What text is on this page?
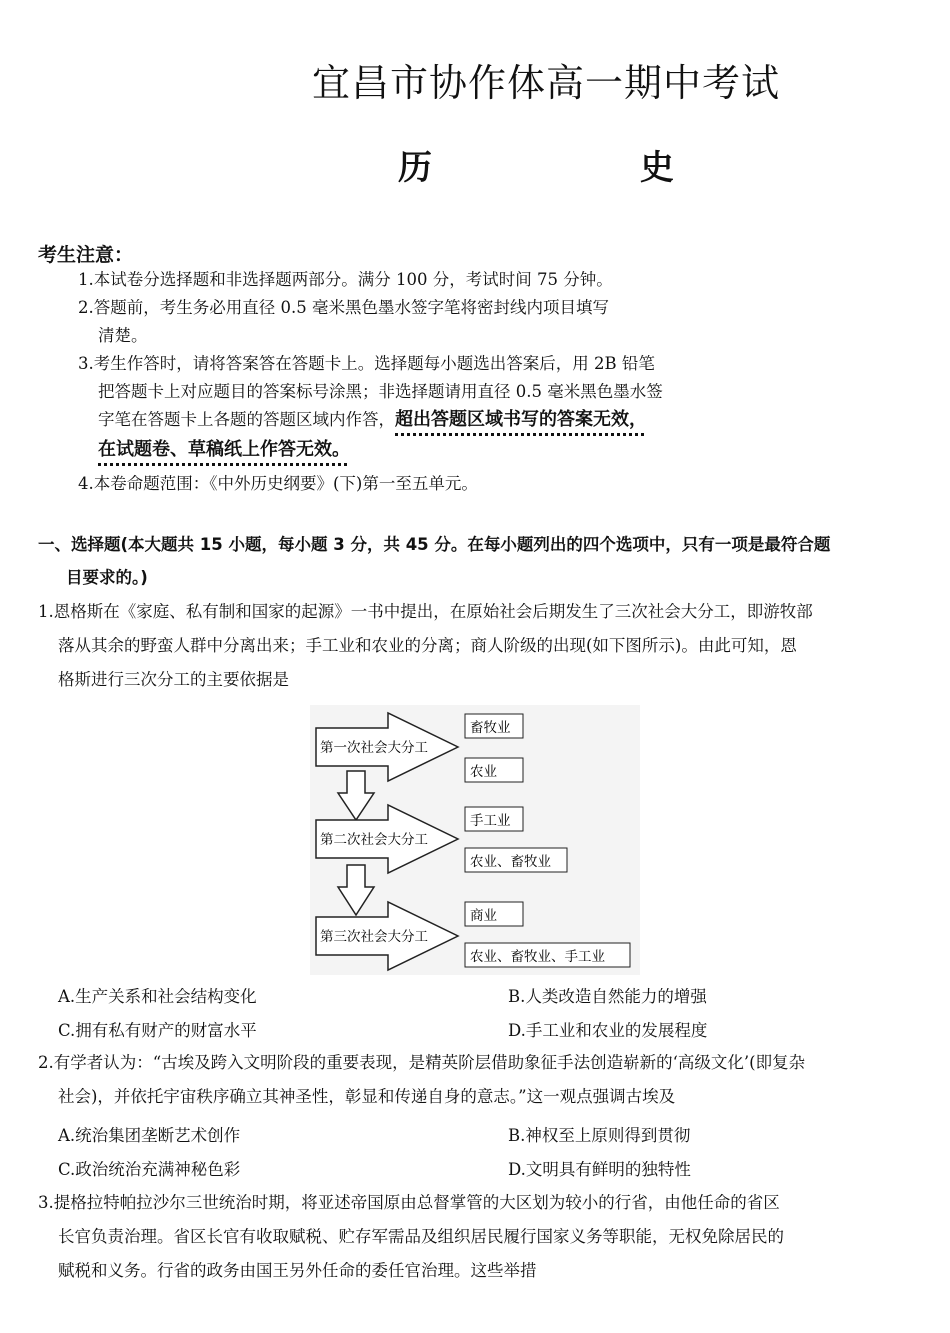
宜昌市协作体高一期中考试
历 史
考生注意：
1.本试卷分选择题和非选择题两部分。满分 100 分，考试时间 75 分钟。
2.答题前，考生务必用直径 0.5 毫米黑色墨水签字笔将密封线内项目填写
清楚。
3.考生作答时，请将答案答在答题卡上。选择题每小题选出答案后，用 2B 铅笔
把答题卡上对应题目的答案标号涂黑；非选择题请用直径 0.5 毫米黑色墨水签
字笔在答题卡上各题的答题区域内作答，超出答题区域书写的答案无效，
在试题卷、草稿纸上作答无效。
4.本卷命题范围：《中外历史纲要》(下)第一至五单元。
一、选择题(本大题共 15 小题，每小题 3 分，共 45 分。在每小题列出的四个选项中，只有一项是最符合题
目要求的。)
1.恩格斯在《家庭、私有制和国家的起源》一书中提出，在原始社会后期发生了三次社会大分工，即游牧部
落从其余的野蛮人群中分离出来；手工业和农业的分离；商人阶级的出现(如下图所示)。由此可知，恩
格斯进行三次分工的主要依据是
第一次社会大分工
畜牧业
农业
第二次社会大分工
手工业
农业、畜牧业
第三次社会大分工
商业
农业、畜牧业、手工业
A.生产关系和社会结构变化	B.人类改造自然能力的增强
C.拥有私有财产的财富水平	D.手工业和农业的发展程度
2.有学者认为：“古埃及跨入文明阶段的重要表现，是精英阶层借助象征手法创造崭新的‘高级文化’(即复杂
社会)，并依托宇宙秩序确立其神圣性，彰显和传递自身的意志。”这一观点强调古埃及
A.统治集团垄断艺术创作	B.神权至上原则得到贯彻
C.政治统治充满神秘色彩	D.文明具有鲜明的独特性
3.提格拉特帕拉沙尔三世统治时期，将亚述帝国原由总督掌管的大区划为较小的行省，由他任命的省区
长官负责治理。省区长官有收取赋税、贮存军需品及组织居民履行国家义务等职能，无权免除居民的
赋税和义务。行省的政务由国王另外任命的委任官治理。这些举措
